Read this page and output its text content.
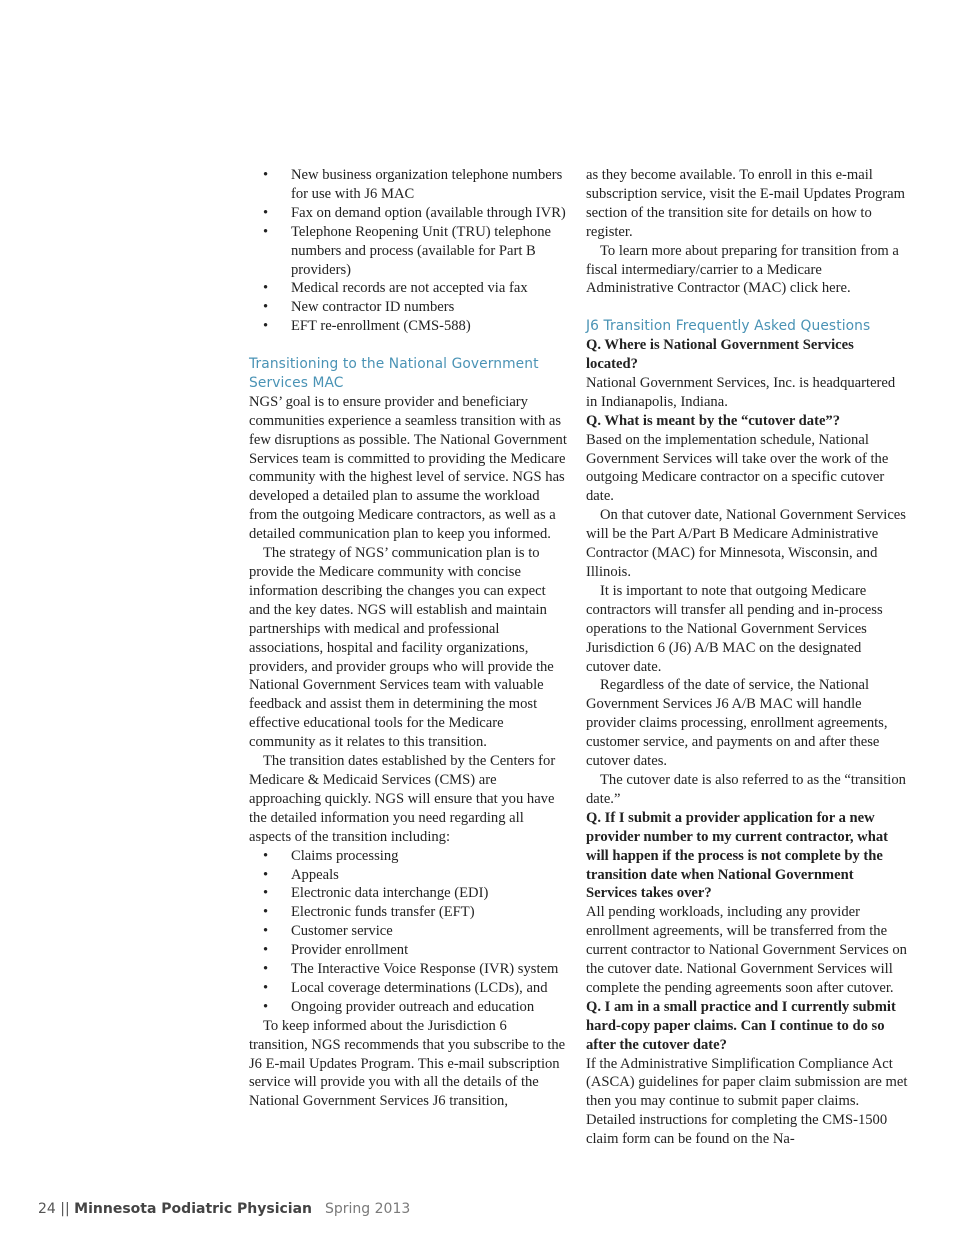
• New business organization telephone numbers for use with J6 MAC
• Fax on demand option (available through IVR)
• Telephone Reopening Unit (TRU) telephone numbers and process (available for Part B providers)
• Medical records are not accepted via fax
• New contractor ID numbers
• EFT re-enrollment (CMS-588)
Transitioning to the National Government Services MAC

NGS’ goal is to ensure provider and beneficiary communities experience a seamless transition with as few disruptions as possible. The National Government Services team is committed to providing the Medicare community with the highest level of service. NGS has developed a detailed plan to assume the workload from the outgoing Medicare contractors, as well as a detailed communication plan to keep you informed.

The strategy of NGS’ communication plan is to provide the Medicare community with concise information describing the changes you can expect and the key dates. NGS will establish and maintain partnerships with medical and professional associations, hospital and facility organizations, providers, and provider groups who will provide the National Government Services team with valuable feedback and assist them in determining the most effective educational tools for the Medicare community as it relates to this transition.

The transition dates established by the Centers for Medicare & Medicaid Services (CMS) are approaching quickly. NGS will ensure that you have the detailed information you need regarding all aspects of the transition including:

• Claims processing
• Appeals
• Electronic data interchange (EDI)
• Electronic funds transfer (EFT)
• Customer service
• Provider enrollment
• The Interactive Voice Response (IVR) system
• Local coverage determinations (LCDs), and
• Ongoing provider outreach and education

To keep informed about the Jurisdiction 6 transition, NGS recommends that you subscribe to the J6 E-mail Updates Program. This e-mail subscription service will provide you with all the details of the National Government Services J6 transition,

as they become available. To enroll in this e-mail subscription service, visit the E-mail Updates Program section of the transition site for details on how to register.

To learn more about preparing for transition from a fiscal intermediary/carrier to a Medicare Administrative Contractor (MAC) click here.

J6 Transition Frequently Asked Questions

Q. Where is National Government Services located?

National Government Services, Inc. is headquartered in Indianapolis, Indiana.

Q. What is meant by the “cutover date”?

Based on the implementation schedule, National Government Services will take over the work of the outgoing Medicare contractor on a specific cutover date.

On that cutover date, National Government Services will be the Part A/Part B Medicare Administrative Contractor (MAC) for Minnesota, Wisconsin, and Illinois.

It is important to note that outgoing Medicare contractors will transfer all pending and in-process operations to the National Government Services Jurisdiction 6 (J6) A/B MAC on the designated cutover date.

Regardless of the date of service, the National Government Services J6 A/B MAC will handle provider claims processing, enrollment agreements, customer service, and payments on and after these cutover dates.

The cutover date is also referred to as the “transition date.”

Q. If I submit a provider application for a new provider number to my current contractor, what will happen if the process is not complete by the transition date when National Government Services takes over?

All pending workloads, including any provider enrollment agreements, will be transferred from the current contractor to National Government Services on the cutover date. National Government Services will complete the pending agreements soon after cutover.

Q. I am in a small practice and I currently submit hard-copy paper claims. Can I continue to do so after the cutover date?

If the Administrative Simplification Compliance Act (ASCA) guidelines for paper claim submission are met then you may continue to submit paper claims. Detailed instructions for completing the CMS-1500 claim form can be found on the Na-

24 || Minnesota Podiatric Physician Spring 2013
